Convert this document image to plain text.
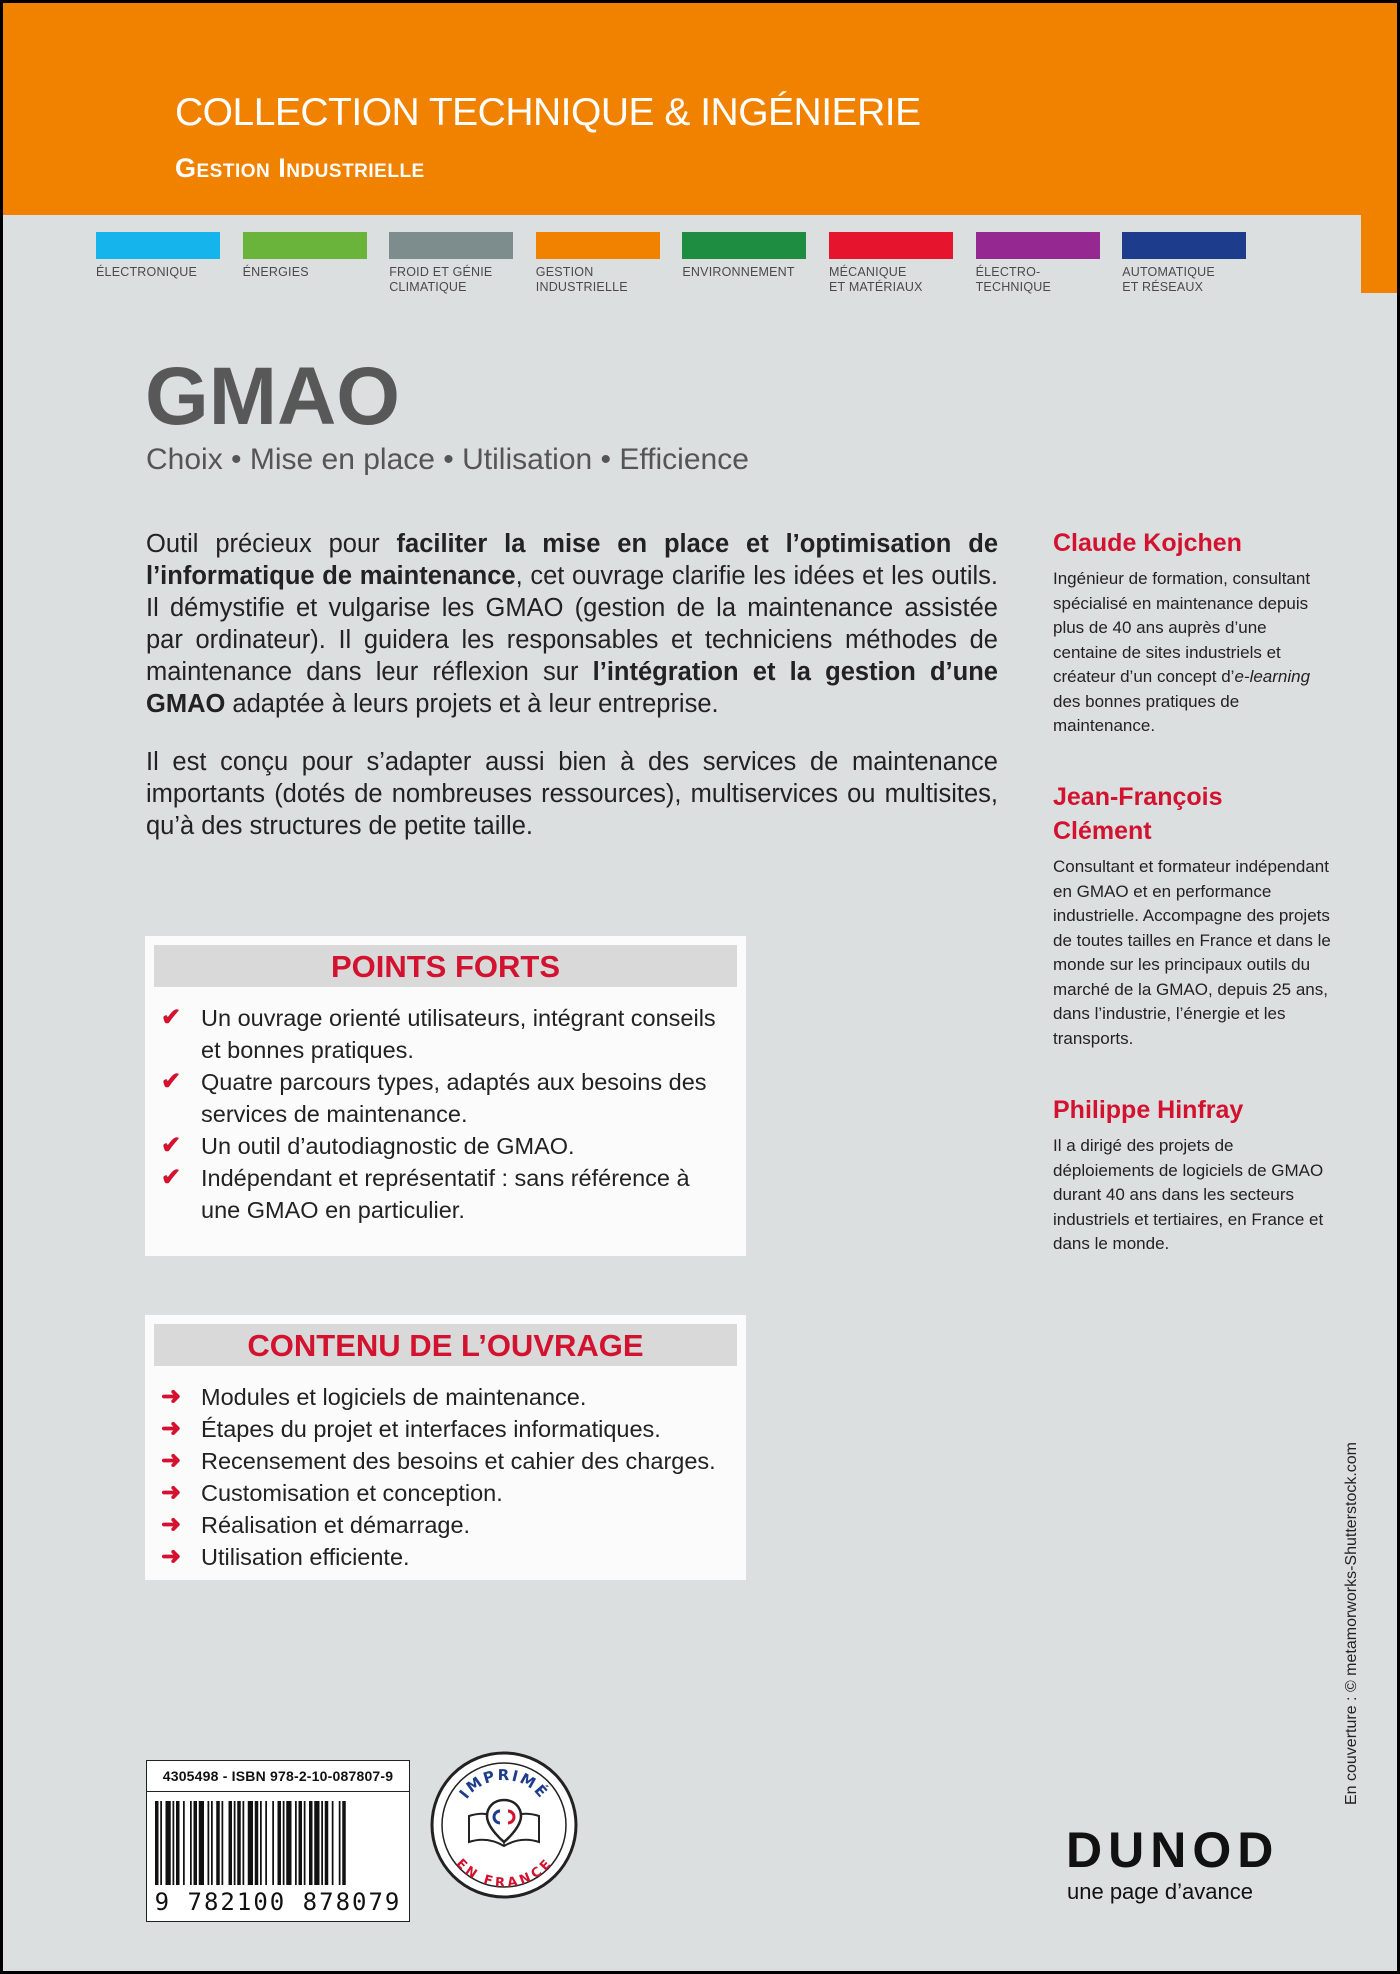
COLLECTION TECHNIQUE & INGÉNIERIE
Gestion Industrielle
ÉLECTRONIQUE	ÉNERGIES	FROID ET GÉNIE
CLIMATIQUE
GESTION
INDUSTRIELLE
ENVIRONNEMENT	MÉCANIQUE
ET MATÉRIAUX
ÉLECTRO-
TECHNIQUE
AUTOMATIQUE
ET RÉSEAUX
GMAO
Choix • Mise en place • Utilisation • Efficience
Outil précieux pour faciliter la mise en place et l’optimisation de l’informatique de maintenance, cet ouvrage clarifie les idées et les outils. Il démystifie et vulgarise les GMAO (gestion de la maintenance assistée par ordinateur). Il guidera les responsables et techniciens méthodes de maintenance dans leur réflexion sur l’intégration et la gestion d’une GMAO adaptée à leurs projets et à leur entreprise.
Il est conçu pour s’adapter aussi bien à des services de maintenance importants (dotés de nombreuses ressources), multiservices ou multisites, qu’à des structures de petite taille.
POINTS FORTS
✔ Un ouvrage orienté utilisateurs, intégrant conseils et bonnes pratiques.
✔ Quatre parcours types, adaptés aux besoins des services de maintenance.
✔ Un outil d’autodiagnostic de GMAO.
✔ Indépendant et représentatif : sans référence à une GMAO en particulier.
CONTENU DE L’OUVRAGE
➜ Modules et logiciels de maintenance.
➜ Étapes du projet et interfaces informatiques.
➜ Recensement des besoins et cahier des charges.
➜ Customisation et conception.
➜ Réalisation et démarrage.
➜ Utilisation efficiente.
Claude Kojchen
Ingénieur de formation, consultant spécialisé en maintenance depuis plus de 40 ans auprès d’une centaine de sites industriels et créateur d’un concept d’e-learning des bonnes pratiques de maintenance.
Jean-François Clément
Consultant et formateur indépendant en GMAO et en performance industrielle. Accompagne des projets de toutes tailles en France et dans le monde sur les principaux outils du marché de la GMAO, depuis 25 ans, dans l’industrie, l’énergie et les transports.
Philippe Hinfray
Il a dirigé des projets de déploiements de logiciels de GMAO durant 40 ans dans les secteurs industriels et tertiaires, en France et dans le monde.
En couverture : © metamorworks-Shutterstock.com
4305498 - ISBN 978-2-10-087807-9
9 782100 878079
IMPRIMÉ
EN FRANCE	DUNOD
une page d’avance
